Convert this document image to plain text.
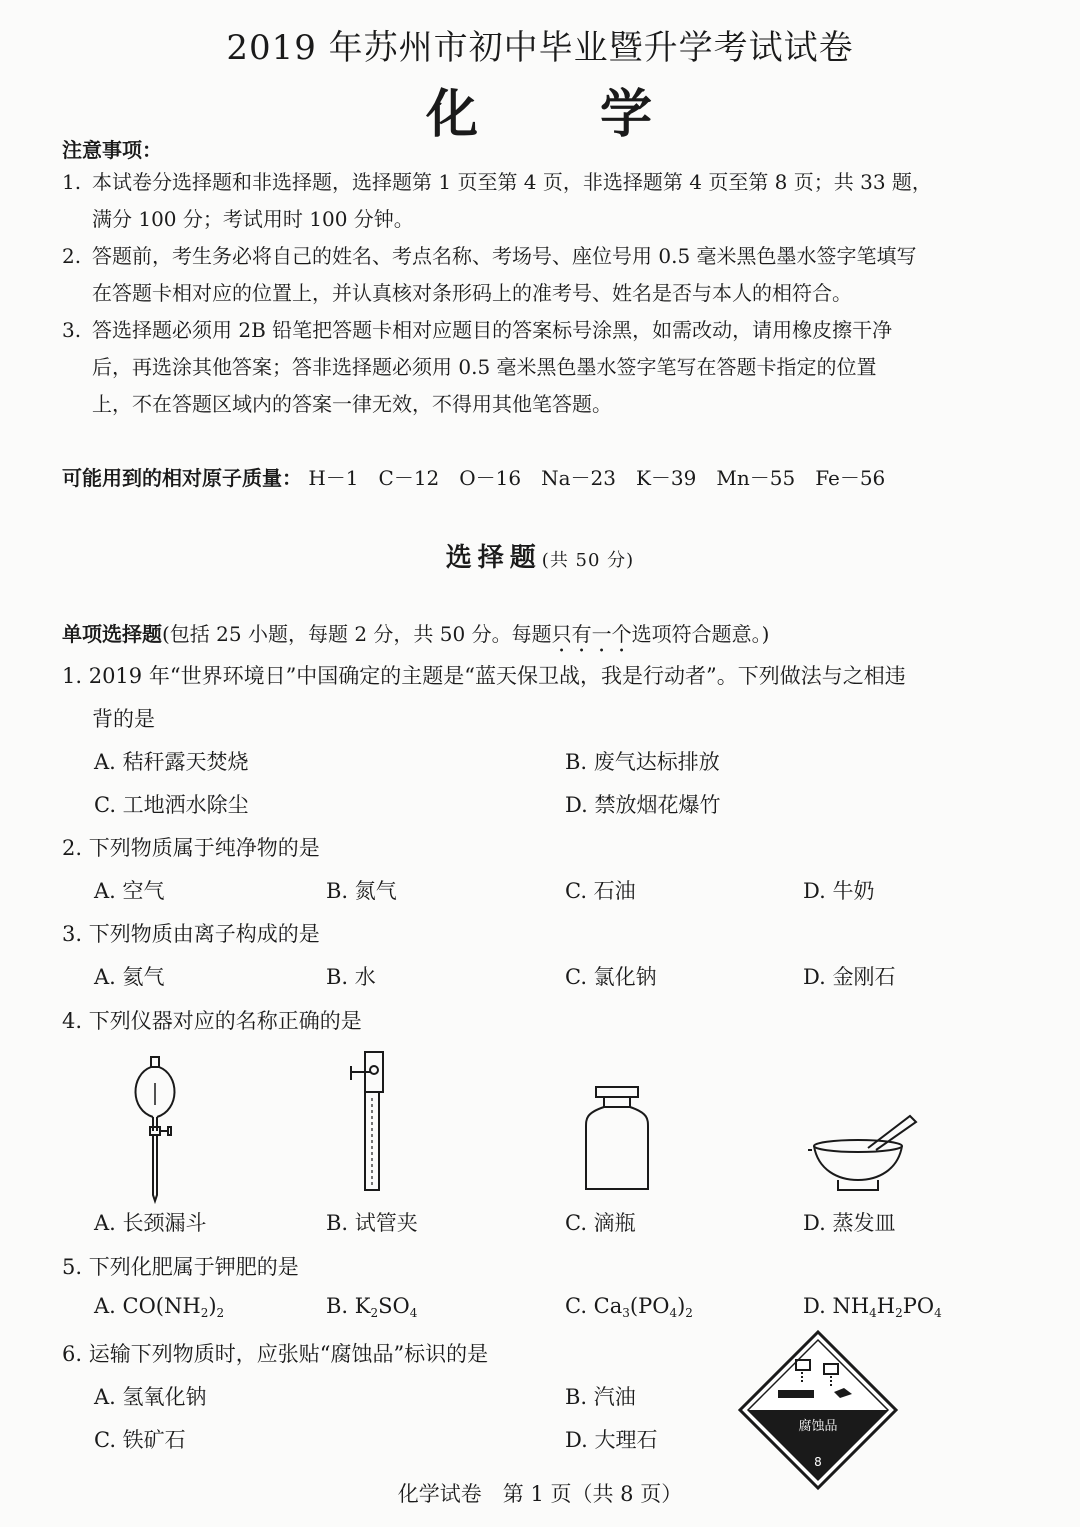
2019 年苏州市初中毕业暨升学考试试卷
化 学
注意事项：
1. 本试卷分选择题和非选择题，选择题第 1 页至第 4 页，非选择题第 4 页至第 8 页；共 33 题，
满分 100 分；考试用时 100 分钟。
2. 答题前，考生务必将自己的姓名、考点名称、考场号、座位号用 0.5 毫米黑色墨水签字笔填写
在答题卡相对应的位置上，并认真核对条形码上的准考号、姓名是否与本人的相符合。
3. 答选择题必须用 2B 铅笔把答题卡相对应题目的答案标号涂黑，如需改动，请用橡皮擦干净
后，再选涂其他答案；答非选择题必须用 0.5 毫米黑色墨水签字笔写在答题卡指定的位置
上，不在答题区域内的答案一律无效，不得用其他笔答题。
可能用到的相对原子质量： H－1　C－12　O－16　Na－23　K－39　Mn－55　Fe－56
选择题(共 50 分)
单项选择题(包括 25 小题，每题 2 分，共 50 分。每题只有一个选项符合题意。)
1. 2019 年“世界环境日”中国确定的主题是“蓝天保卫战，我是行动者”。下列做法与之相违
背的是
A. 秸秆露天焚烧	B. 废气达标排放
C. 工地洒水除尘	D. 禁放烟花爆竹
2. 下列物质属于纯净物的是
A. 空气	B. 氮气	C. 石油	D. 牛奶
3. 下列物质由离子构成的是
A. 氦气	B. 水	C. 氯化钠	D. 金刚石
4. 下列仪器对应的名称正确的是
A. 长颈漏斗	B. 试管夹	C. 滴瓶	D. 蒸发皿
5. 下列化肥属于钾肥的是
A. $CO(NH_2)_2$	B. $K_2SO_4$	C. $Ca_3(PO_4)_2$	D. $NH_4H_2PO_4$
6. 运输下列物质时，应张贴“腐蚀品”标识的是
A. 氢氧化钠	B. 汽油
C. 铁矿石	D. 大理石
腐蚀品
8
化学试卷　第 1 页（共 8 页）
